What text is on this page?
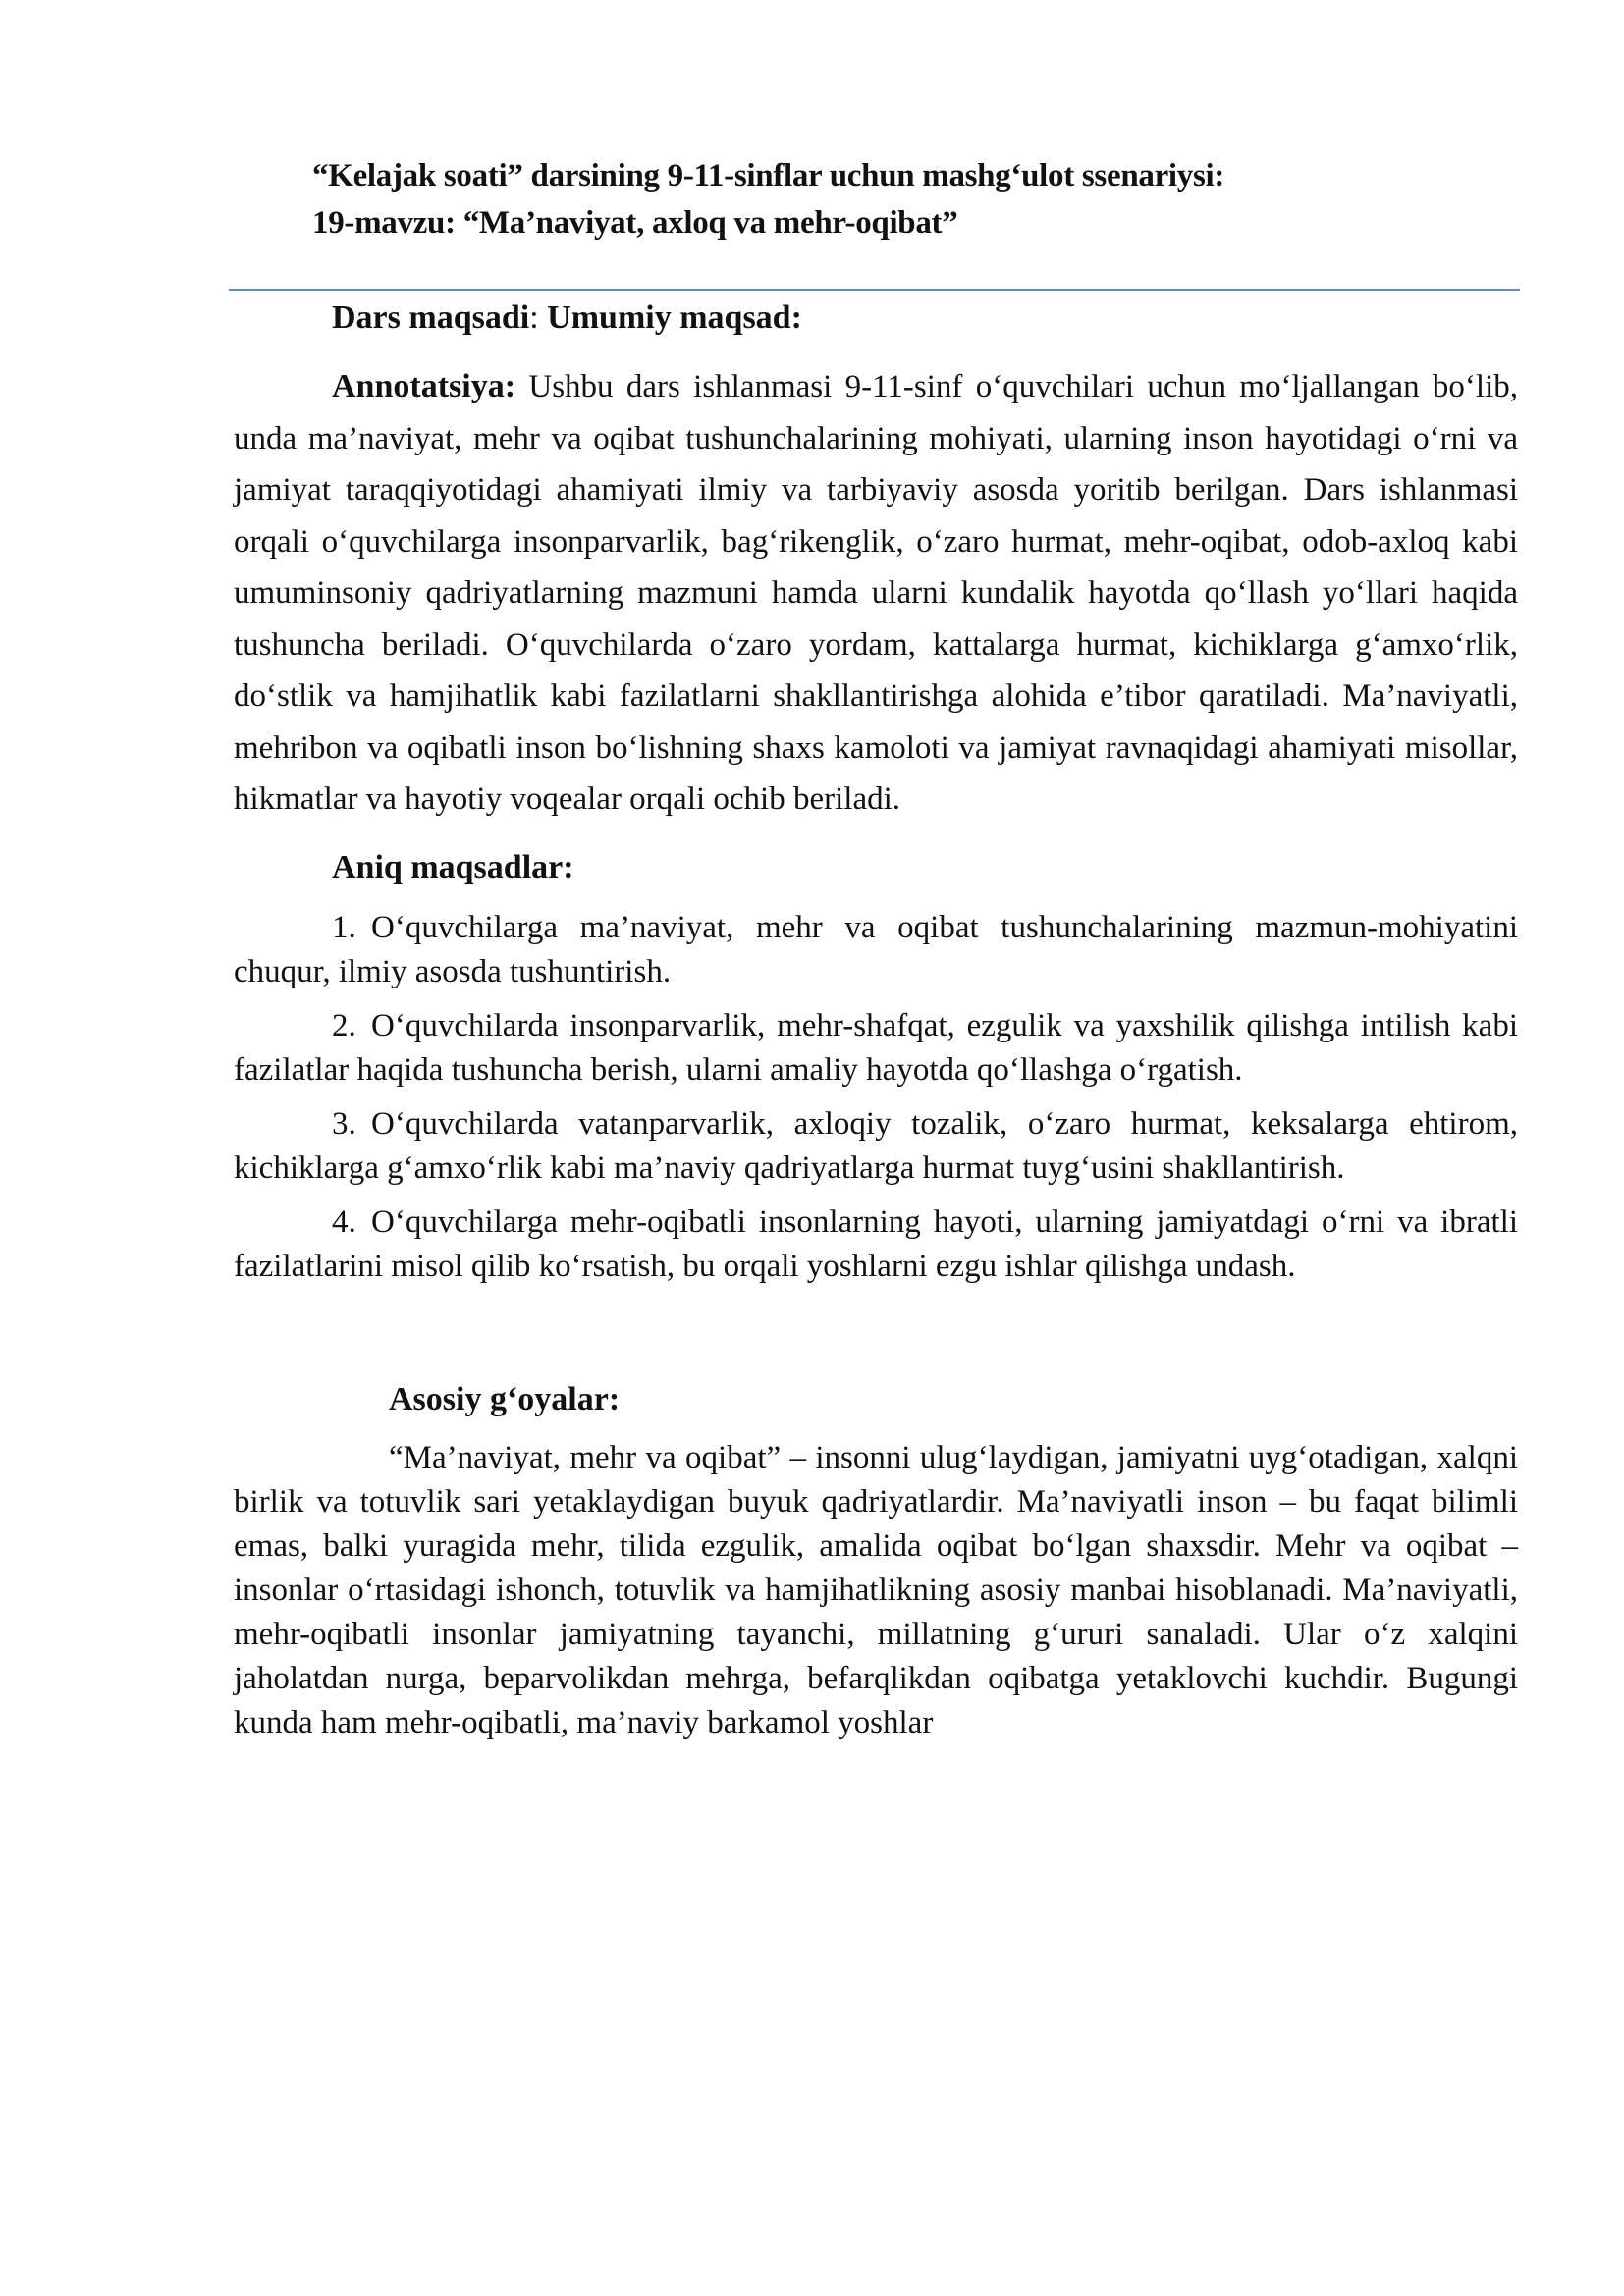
“Kelajak soati” darsining 9-11-sinflar uchun mashg‘ulot ssenariysi:
19-mavzu: “Ma’naviyat, axloq va mehr-oqibat”

Dars maqsadi: Umumiy maqsad:

Annotatsiya: Ushbu dars ishlanmasi 9-11-sinf o‘quvchilari uchun mo‘ljallangan bo‘lib, unda ma’naviyat, mehr va oqibat tushunchalarining mohiyati, ularning inson hayotidagi o‘rni va jamiyat taraqqiyotidagi ahamiyati ilmiy va tarbiyaviy asosda yoritib berilgan. Dars ishlanmasi orqali o‘quvchilarga insonparvarlik, bag‘rikenglik, o‘zaro hurmat, mehr-oqibat, odob-axloq kabi umuminsoniy qadriyatlarning mazmuni hamda ularni kundalik hayotda qo‘llash yo‘llari haqida tushuncha beriladi. O‘quvchilarda o‘zaro yordam, kattalarga hurmat, kichiklarga g‘amxo‘rlik, do‘stlik va hamjihatlik kabi fazilatlarni shakllantirishga alohida e’tibor qaratiladi. Ma’naviyatli, mehribon va oqibatli inson bo‘lishning shaxs kamoloti va jamiyat ravnaqidagi ahamiyati misollar, hikmatlar va hayotiy voqealar orqali ochib beriladi.

Aniq maqsadlar:

1. O‘quvchilarga ma’naviyat, mehr va oqibat tushunchalarining mazmun-mohiyatini chuqur, ilmiy asosda tushuntirish.

2. O‘quvchilarda insonparvarlik, mehr-shafqat, ezgulik va yaxshilik qilishga intilish kabi fazilatlar haqida tushuncha berish, ularni amaliy hayotda qo‘llashga o‘rgatish.

3. O‘quvchilarda vatanparvarlik, axloqiy tozalik, o‘zaro hurmat, keksalarga ehtirom, kichiklarga g‘amxo‘rlik kabi ma’naviy qadriyatlarga hurmat tuyg‘usini shakllantirish.

4. O‘quvchilarga mehr-oqibatli insonlarning hayoti, ularning jamiyatdagi o‘rni va ibratli fazilatlarini misol qilib ko‘rsatish, bu orqali yoshlarni ezgu ishlar qilishga undash.

Asosiy g‘oyalar:

“Ma’naviyat, mehr va oqibat” – insonni ulug‘laydigan, jamiyatni uyg‘otadigan, xalqni birlik va totuvlik sari yetaklaydigan buyuk qadriyatlardir. Ma’naviyatli inson – bu faqat bilimli emas, balki yuragida mehr, tilida ezgulik, amalida oqibat bo‘lgan shaxsdir. Mehr va oqibat – insonlar o‘rtasidagi ishonch, totuvlik va hamjihatlikning asosiy manbai hisoblanadi. Ma’naviyatli, mehr-oqibatli insonlar jamiyatning tayanchi, millatning g‘ururi sanaladi. Ular o‘z xalqini jaholatdan nurga, beparvolikdan mehrga, befarqlikdan oqibatga yetaklovchi kuchdir. Bugungi kunda ham mehr-oqibatli, ma’naviy barkamol yoshlar
